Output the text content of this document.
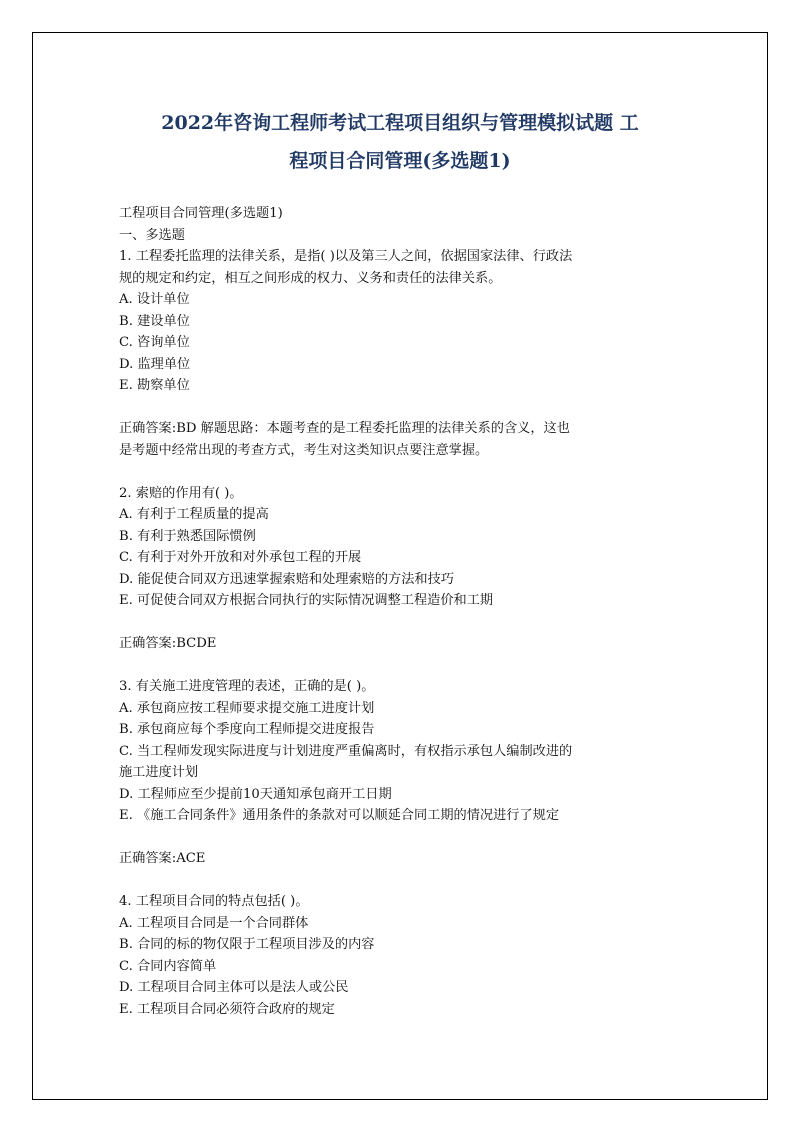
2022年咨询工程师考试工程项目组织与管理模拟试题 工
程项目合同管理(多选题1)
工程项目合同管理(多选题1)
一、多选题
1. 工程委托监理的法律关系，是指( )以及第三人之间，依据国家法律、行政法
规的规定和约定，相互之间形成的权力、义务和责任的法律关系。
A. 设计单位
B. 建设单位
C. 咨询单位
D. 监理单位
E. 勘察单位
正确答案:BD 解题思路：本题考查的是工程委托监理的法律关系的含义，这也
是考题中经常出现的考查方式，考生对这类知识点要注意掌握。
2. 索赔的作用有( )。
A. 有利于工程质量的提高
B. 有利于熟悉国际惯例
C. 有利于对外开放和对外承包工程的开展
D. 能促使合同双方迅速掌握索赔和处理索赔的方法和技巧
E. 可促使合同双方根据合同执行的实际情况调整工程造价和工期
正确答案:BCDE
3. 有关施工进度管理的表述，正确的是( )。
A. 承包商应按工程师要求提交施工进度计划
B. 承包商应每个季度向工程师提交进度报告
C. 当工程师发现实际进度与计划进度严重偏离时，有权指示承包人编制改进的
施工进度计划
D. 工程师应至少提前10天通知承包商开工日期
E. 《施工合同条件》通用条件的条款对可以顺延合同工期的情况进行了规定
正确答案:ACE
4. 工程项目合同的特点包括( )。
A. 工程项目合同是一个合同群体
B. 合同的标的物仅限于工程项目涉及的内容
C. 合同内容简单
D. 工程项目合同主体可以是法人或公民
E. 工程项目合同必须符合政府的规定
